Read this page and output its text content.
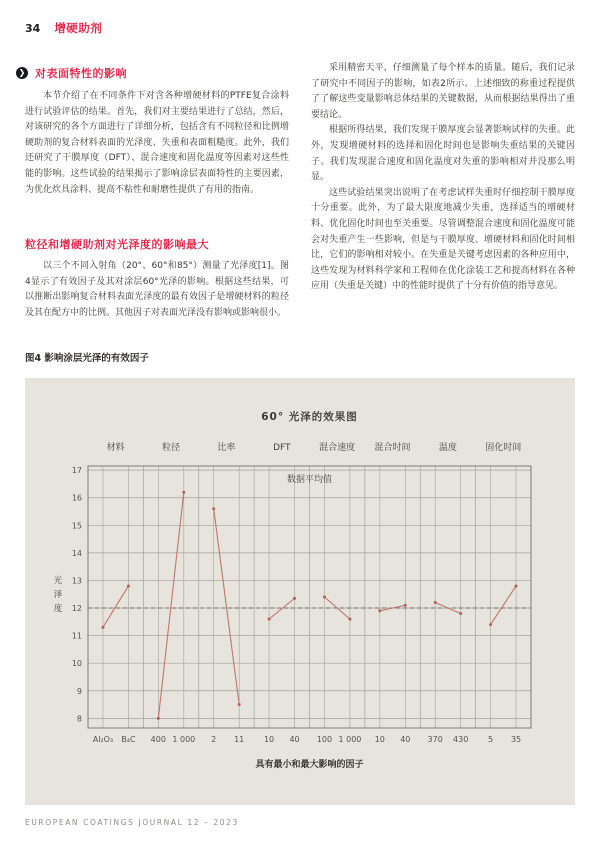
34 增硬助剂
❯ 对表面特性的影响

本节介绍了在不同条件下对含各种增硬材料的PTFE复合涂料进行试验评估的结果。首先，我们对主要结果进行了总结，然后，对该研究的各个方面进行了详细分析，包括含有不同粒径和比例增硬助剂的复合材料表面的光泽度、失重和表面粗糙度。此外，我们还研究了干膜厚度（DFT）、混合速度和固化温度等因素对这些性能的影响。这些试验的结果揭示了影响涂层表面特性的主要因素，为优化炊具涂料、提高不粘性和耐磨性提供了有用的指南。

粒径和增硬助剂对光泽度的影响最大

以三个不同入射角（20°、60°和85°）测量了光泽度[1]。图4显示了有效因子及其对涂层60°光泽的影响。根据这些结果，可以推断出影响复合材料表面光泽度的最有效因子是增硬材料的粒径及其在配方中的比例。其他因子对表面光泽没有影响或影响很小。

图4 影响涂层光泽的有效因子

采用精密天平，仔细测量了每个样本的质量。随后，我们记录了研究中不同因子的影响，如表2所示。上述细致的称重过程提供了了解这些变量影响总体结果的关键数据，从而根据结果得出了重要结论。

根据所得结果，我们发现干膜厚度会显著影响试样的失重。此外，发现增硬材料的选择和固化时间也是影响失重结果的关键因子。我们发现混合速度和固化温度对失重的影响相对并没那么明显。

这些试验结果突出说明了在考虑试样失重时仔细控制干膜厚度十分重要。此外，为了最大限度地减少失重，选择适当的增硬材料、优化固化时间也至关重要。尽管调整混合速度和固化温度可能会对失重产生一些影响，但是与干膜厚度、增硬材料和固化时间相比，它们的影响相对较小。在失重是关键考虑因素的各种应用中，这些发现为材料科学家和工程师在优化涂装工艺和提高材料在各种应用（失重是关键）中的性能时提供了十分有价值的指导意见。

60° 光泽的效果图
材料	粒径	比率	DFT	混合速度 混合时间	温度	固化时间
8
9
10
11
12
13
14
15
16
17
数据平均值
Al₂O₃ B₄C 400 1 000 2 11 10 40 100 1 000 10 40 370 430 5 35
光泽度
具有最小和最大影响的因子
EUROPEAN COATINGS JOURNAL 12 – 2023
